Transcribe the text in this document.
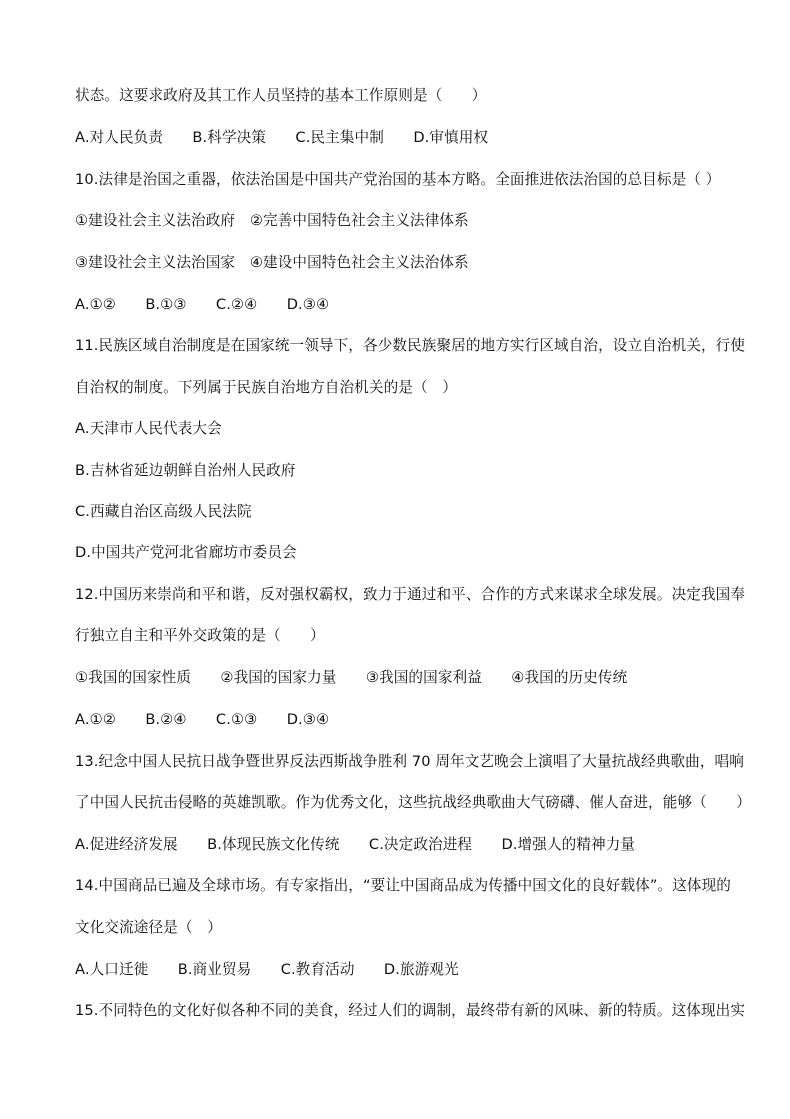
状态。这要求政府及其工作人员坚持的基本工作原则是（　　）
A.对人民负责　　B.科学决策　　C.民主集中制　　D.审慎用权
10.法律是治国之重器，依法治国是中国共产党治国的基本方略。全面推进依法治国的总目标是（ ）
①建设社会主义法治政府　②完善中国特色社会主义法律体系
③建设社会主义法治国家　④建设中国特色社会主义法治体系
A.①②　　B.①③　　C.②④　　D.③④
11.民族区域自治制度是在国家统一领导下，各少数民族聚居的地方实行区域自治，设立自治机关，行使
自治权的制度。下列属于民族自治地方自治机关的是（　）
A.天津市人民代表大会
B.吉林省延边朝鲜自治州人民政府
C.西藏自治区高级人民法院
D.中国共产党河北省廊坊市委员会
12.中国历来崇尚和平和谐，反对强权霸权，致力于通过和平、合作的方式来谋求全球发展。决定我国奉
行独立自主和平外交政策的是（　　）
①我国的国家性质　　②我国的国家力量　　③我国的国家利益　　④我国的历史传统
A.①②　　B.②④　　C.①③　　D.③④
13.纪念中国人民抗日战争暨世界反法西斯战争胜利 70 周年文艺晚会上演唱了大量抗战经典歌曲，唱响
了中国人民抗击侵略的英雄凯歌。作为优秀文化，这些抗战经典歌曲大气磅礴、催人奋进，能够（　　）
A.促进经济发展　　B.体现民族文化传统　　C.决定政治进程　　D.增强人的精神力量
14.中国商品已遍及全球市场。有专家指出，“要让中国商品成为传播中国文化的良好载体”。这体现的
文化交流途径是（　）
A.人口迁徙　　B.商业贸易　　C.教育活动　　D.旅游观光
15.不同特色的文化好似各种不同的美食，经过人们的调制，最终带有新的风味、新的特质。这体现出实
